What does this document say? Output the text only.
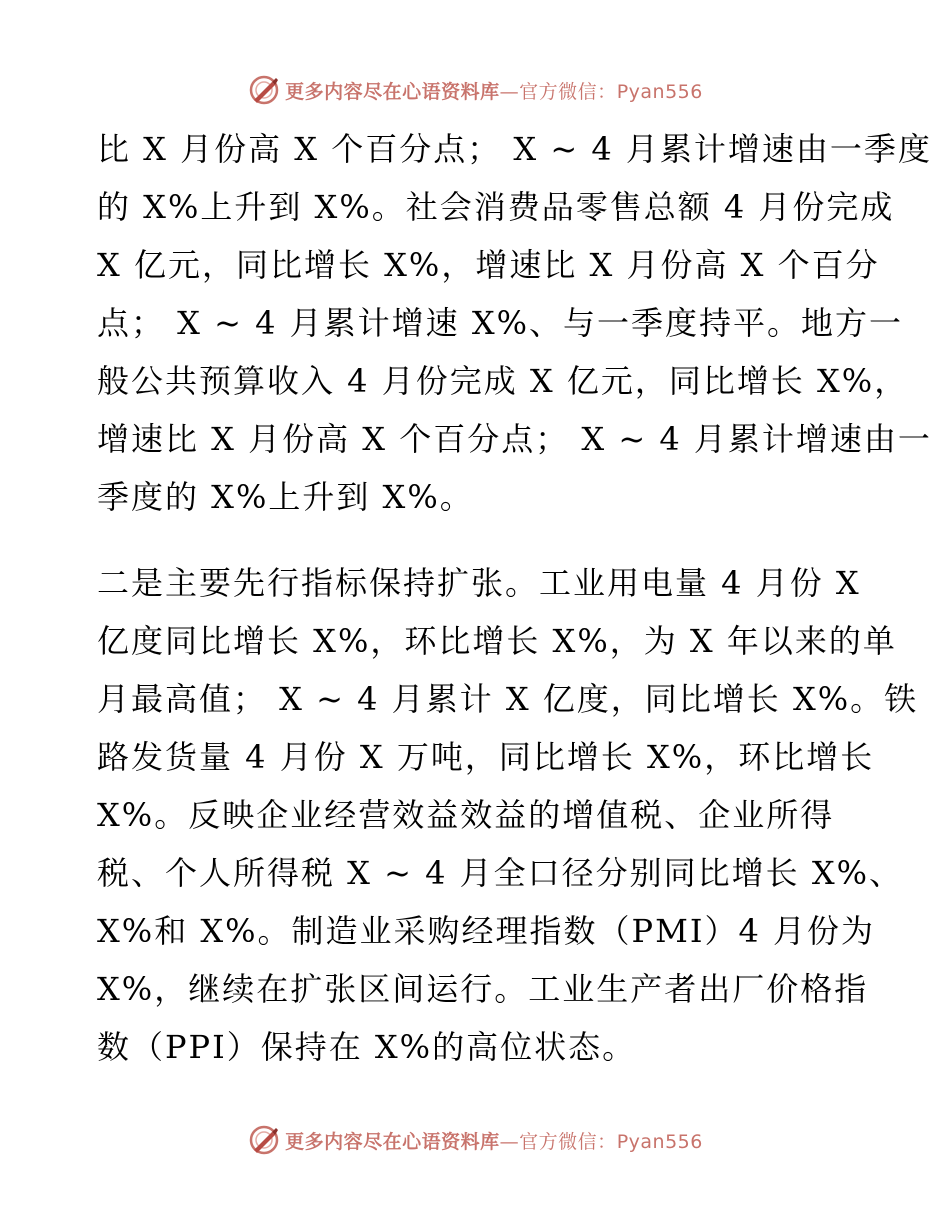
更多内容尽在心语资料库—官方微信：Pyan556
比 X 月份高 X 个百分点； X ~ 4 月累计增速由一季度
的 X%上升到 X%。社会消费品零售总额 4 月份完成
X 亿元，同比增长 X%，增速比 X 月份高 X 个百分
点； X ~ 4 月累计增速 X%、与一季度持平。地方一
般公共预算收入 4 月份完成 X 亿元，同比增长 X%，
增速比 X 月份高 X 个百分点； X ~ 4 月累计增速由一
季度的 X%上升到 X%。
二是主要先行指标保持扩张。工业用电量 4 月份 X
亿度同比增长 X%，环比增长 X%，为 X 年以来的单
月最高值； X ~ 4 月累计 X 亿度，同比增长 X%。铁
路发货量 4 月份 X 万吨，同比增长 X%，环比增长
X%。反映企业经营效益效益的增值税、企业所得
税、个人所得税 X ~ 4 月全口径分别同比增长 X%、
X%和 X%。制造业采购经理指数（PMI）4 月份为
X%，继续在扩张区间运行。工业生产者出厂价格指
数（PPI）保持在 X%的高位状态。
更多内容尽在心语资料库—官方微信：Pyan556
